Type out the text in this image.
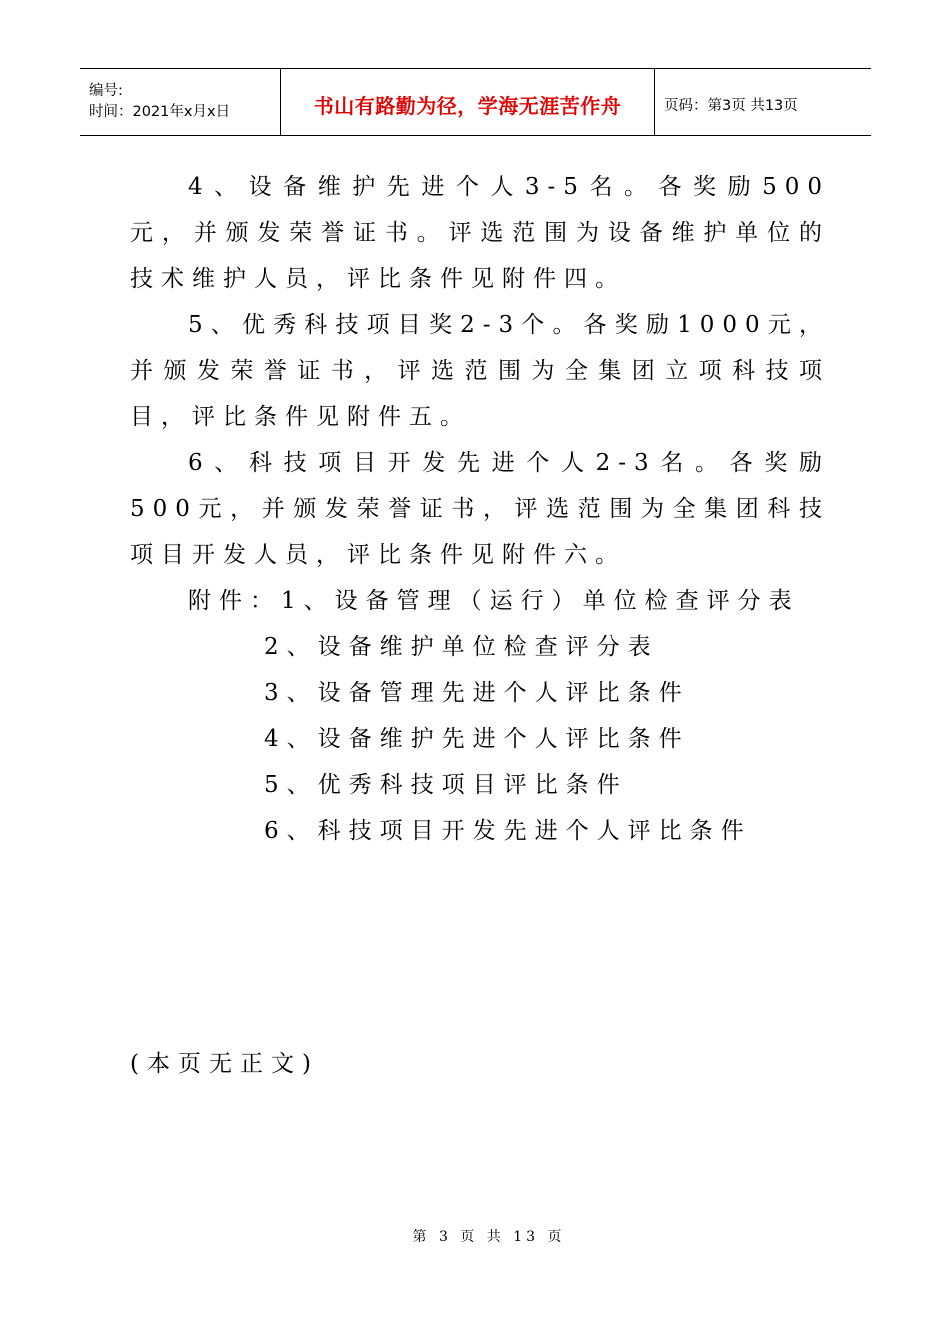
编号:
时间：2021年x月x日	书山有路勤为径，学海无涯苦作舟	页码：第3页 共13页

4、设备维护先进个人3-5名。各奖励500元，并颁发荣誉证书。评选范围为设备维护单位的技术维护人员，评比条件见附件四。

5、优秀科技项目奖2-3个。各奖励1000元，并颁发荣誉证书，评选范围为全集团立项科技项目，评比条件见附件五。

6、科技项目开发先进个人2-3名。各奖励500元，并颁发荣誉证书，评选范围为全集团科技项目开发人员，评比条件见附件六。

附件：1、设备管理（运行）单位检查评分表

2、设备维护单位检查评分表

3、设备管理先进个人评比条件

4、设备维护先进个人评比条件

5、优秀科技项目评比条件

6、科技项目开发先进个人评比条件

(本页无正文)
第 3 页 共 13 页
